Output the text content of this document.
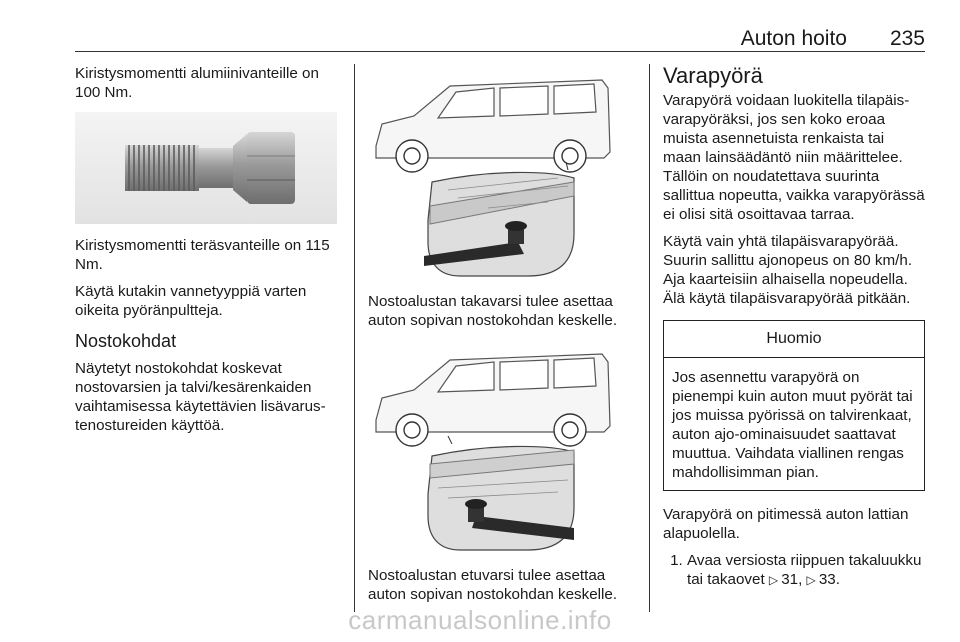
Auton hoito 235

Kiristysmomentti alumiinivanteille on 100 Nm.

Kiristysmomentti teräsvanteille on 115 Nm.

Käytä kutakin vannetyyppiä varten oikeita pyöränpultteja.

Nostokohdat

Näytetyt nostokohdat koskevat nostovarsien ja talvi/kesärenkaiden vaihtamisessa käytettävien lisävarustenostureiden käyttöä.

Nostoalustan takavarsi tulee asettaa auton sopivan nostokohdan keskelle.

Nostoalustan etuvarsi tulee asettaa auton sopivan nostokohdan keskelle.

Varapyörä

Varapyörä voidaan luokitella tilapäisvarapyöräksi, jos sen koko eroaa muista asennetuista renkaista tai maan lainsäädäntö niin määrittelee. Tällöin on noudatettava suurinta sallittua nopeutta, vaikka varapyörässä ei olisi sitä osoittavaa tarraa.

Käytä vain yhtä tilapäisvarapyörää. Suurin sallittu ajonopeus on 80 km/h. Aja kaarteisiin alhaisella nopeudella. Älä käytä tilapäisvarapyörää pitkään.

Huomio
Jos asennettu varapyörä on pienempi kuin auton muut pyörät tai jos muissa pyörissä on talvirenkaat, auton ajo-ominaisuudet saattavat muuttua. Vaihdata viallinen rengas mahdollisimman pian.

Varapyörä on pitimessä auton lattian alapuolella.

1. Avaa versiosta riippuen takaluukku tai takaovet ▷  31, ▷  33.
carmanualsonline.info
